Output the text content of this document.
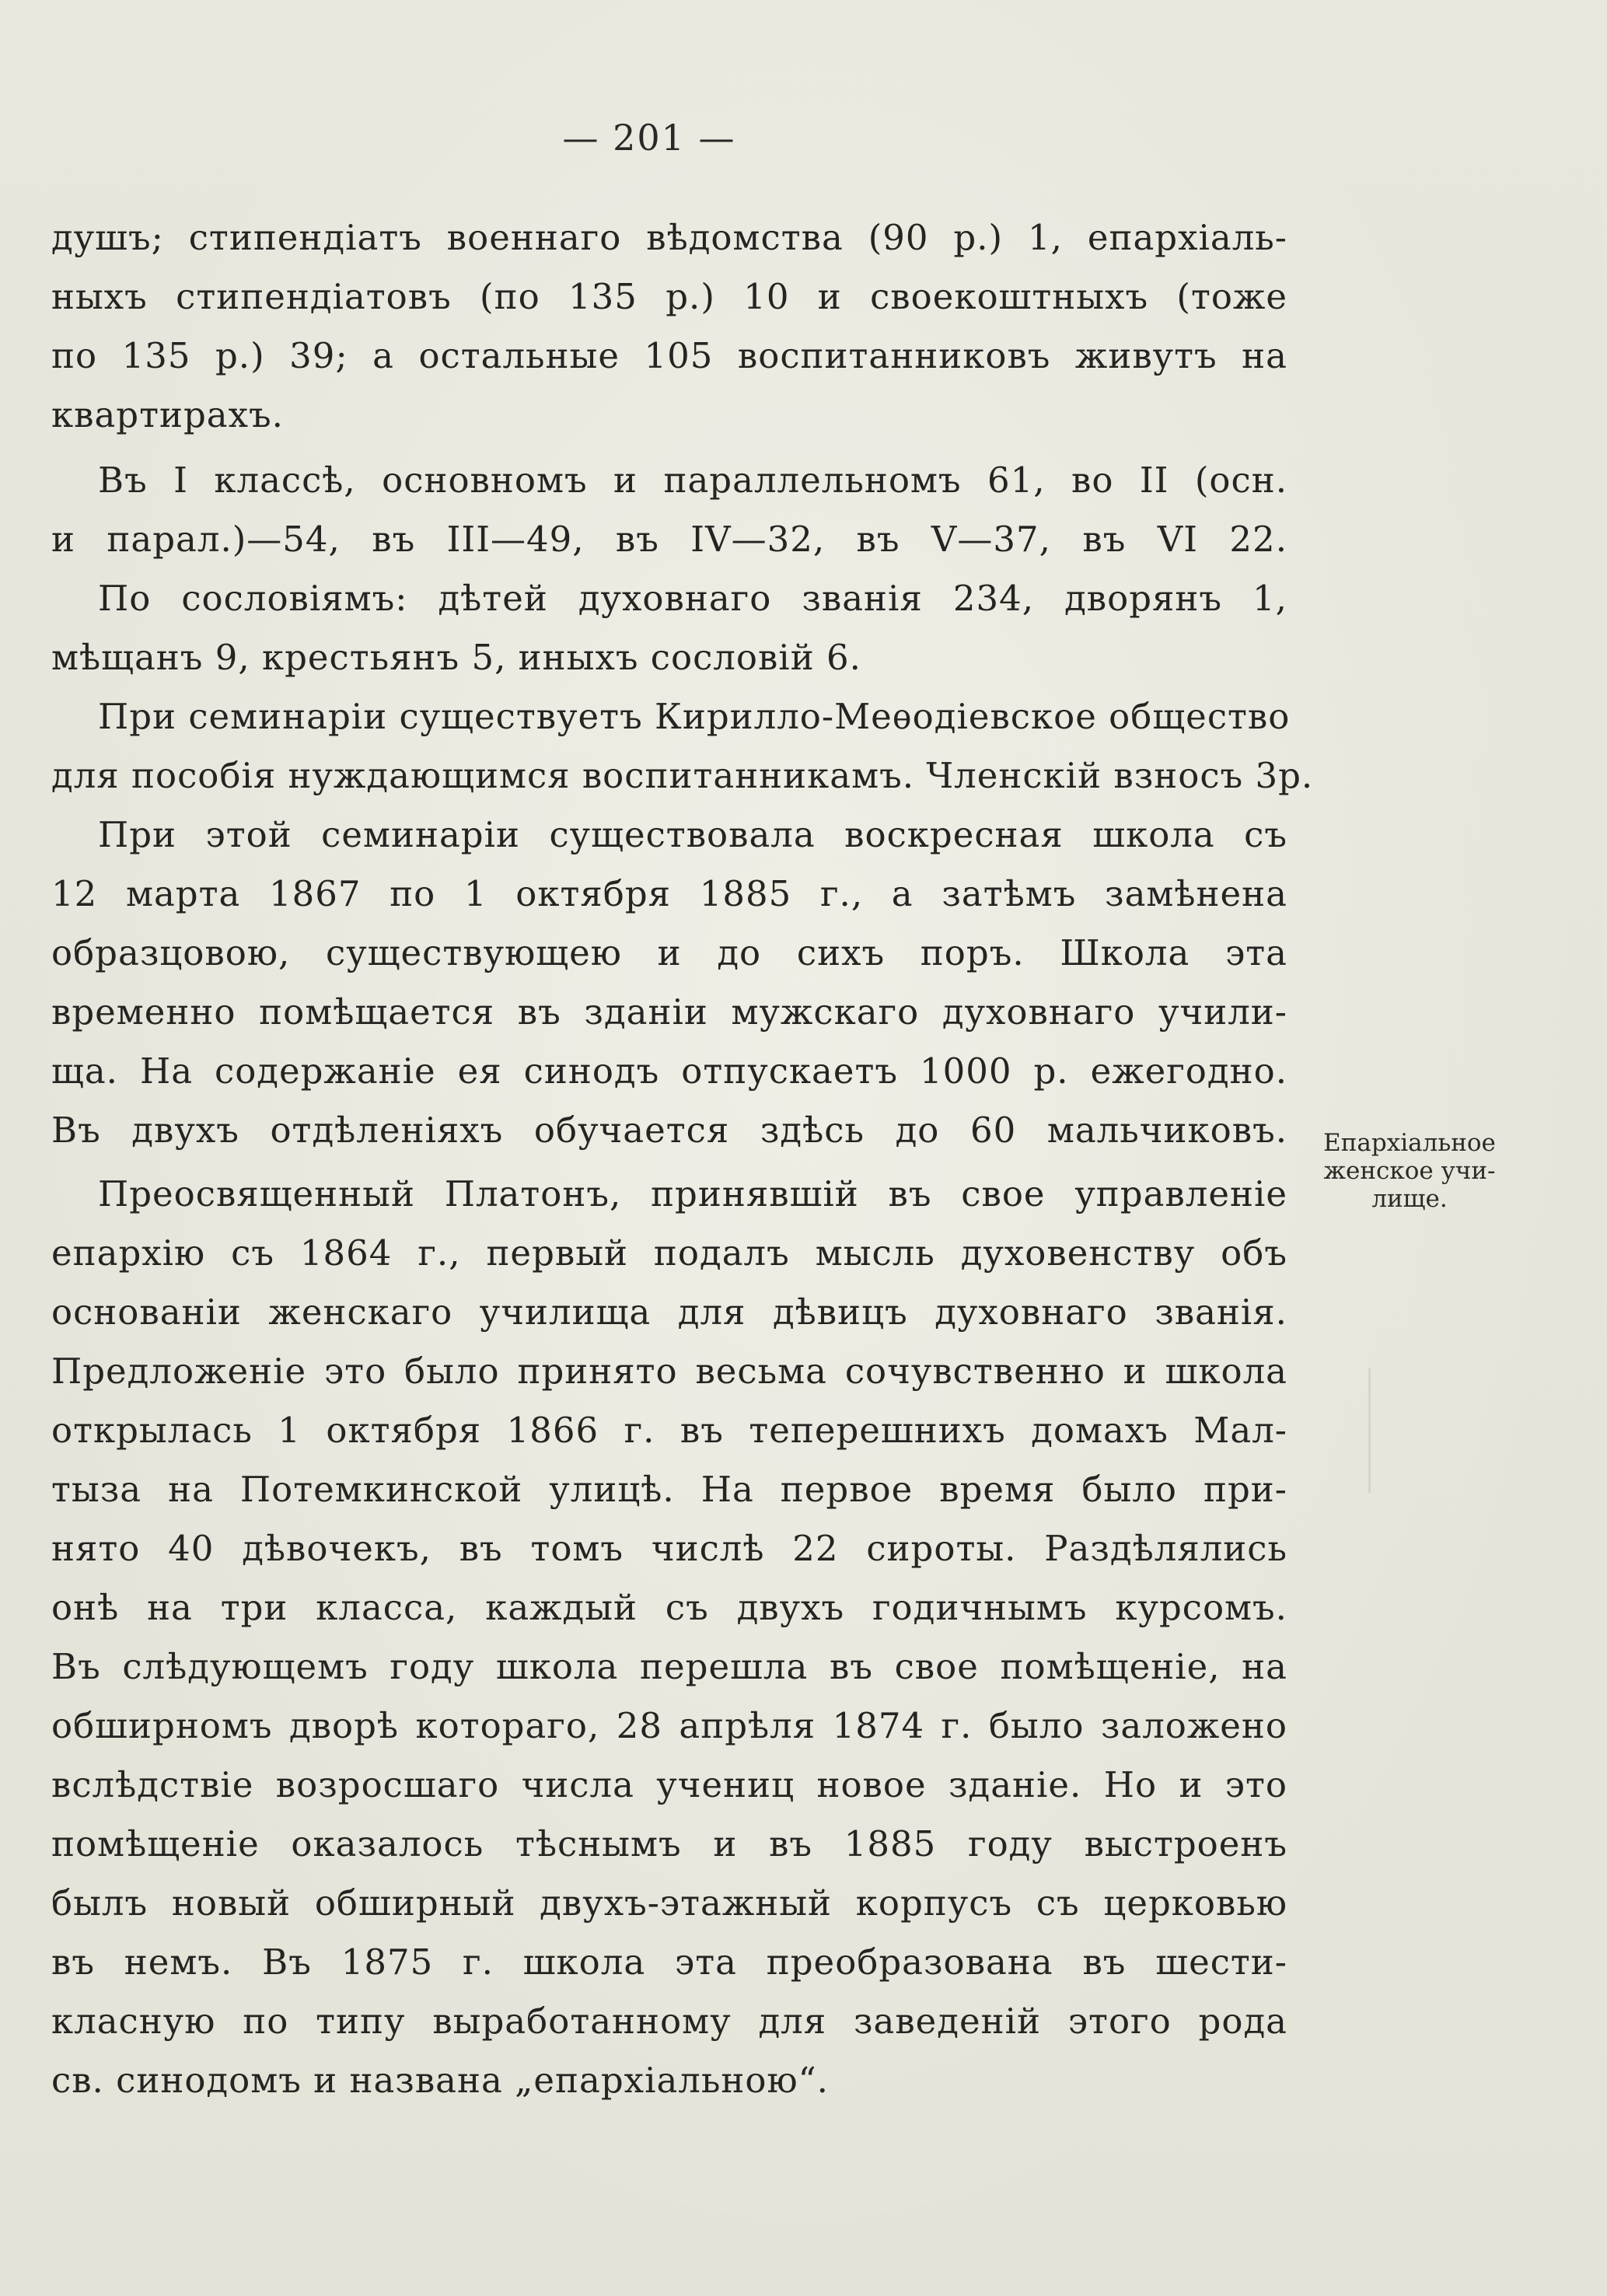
— 201 —

душъ; стипендіатъ военнаго вѣдомства (90 р.) 1, епархіаль-
ныхъ стипендіатовъ (по 135 р.) 10 и своекоштныхъ (тоже
по 135 р.) 39; а остальные 105 воспитанниковъ живутъ на
квартирахъ.

Въ I классѣ, основномъ и параллельномъ 61, во II (осн.
и парал.)—54, въ III—49, въ IV—32, въ V—37, въ VI 22.

По сословіямъ: дѣтей духовнаго званія 234, дворянъ 1,
мѣщанъ 9, крестьянъ 5, иныхъ сословій 6.

При семинаріи существуетъ Кирилло-Меѳодіевское общество
для пособія нуждающимся воспитанникамъ. Членскій взносъ 3р.

При этой семинаріи существовала воскресная школа съ
12 марта 1867 по 1 октября 1885 г., а затѣмъ замѣнена
образцовою, существующею и до сихъ поръ. Школа эта
временно помѣщается въ зданіи мужскаго духовнаго учили-
ща. На содержаніе ея синодъ отпускаетъ 1000 р. ежегодно.
Въ двухъ отдѣленіяхъ обучается здѣсь до 60 мальчиковъ.

Преосвященный Платонъ, принявшій въ свое управленіе
епархію съ 1864 г., первый подалъ мысль духовенству объ
основаніи женскаго училища для дѣвицъ духовнаго званія.
Предложеніе это было принято весьма сочувственно и школа
открылась 1 октября 1866 г. въ теперешнихъ домахъ Мал-
тыза на Потемкинской улицѣ. На первое время было при-
нято 40 дѣвочекъ, въ томъ числѣ 22 сироты. Раздѣлялись
онѣ на три класса, каждый съ двухъ годичнымъ курсомъ.
Въ слѣдующемъ году школа перешла въ свое помѣщеніе, на
обширномъ дворѣ котораго, 28 апрѣля 1874 г. было заложено
вслѣдствіе возросшаго числа учениц новое зданіе. Но и это
помѣщеніе оказалось тѣснымъ и въ 1885 году выстроенъ
былъ новый обширный двухъ-этажный корпусъ съ церковью
въ немъ. Въ 1875 г. школа эта преобразована въ шести-
класную по типу выработанному для заведеній этого рода
св. синодомъ и названа „епархіальною“.

Епархіальное
женское учи-
лище.
